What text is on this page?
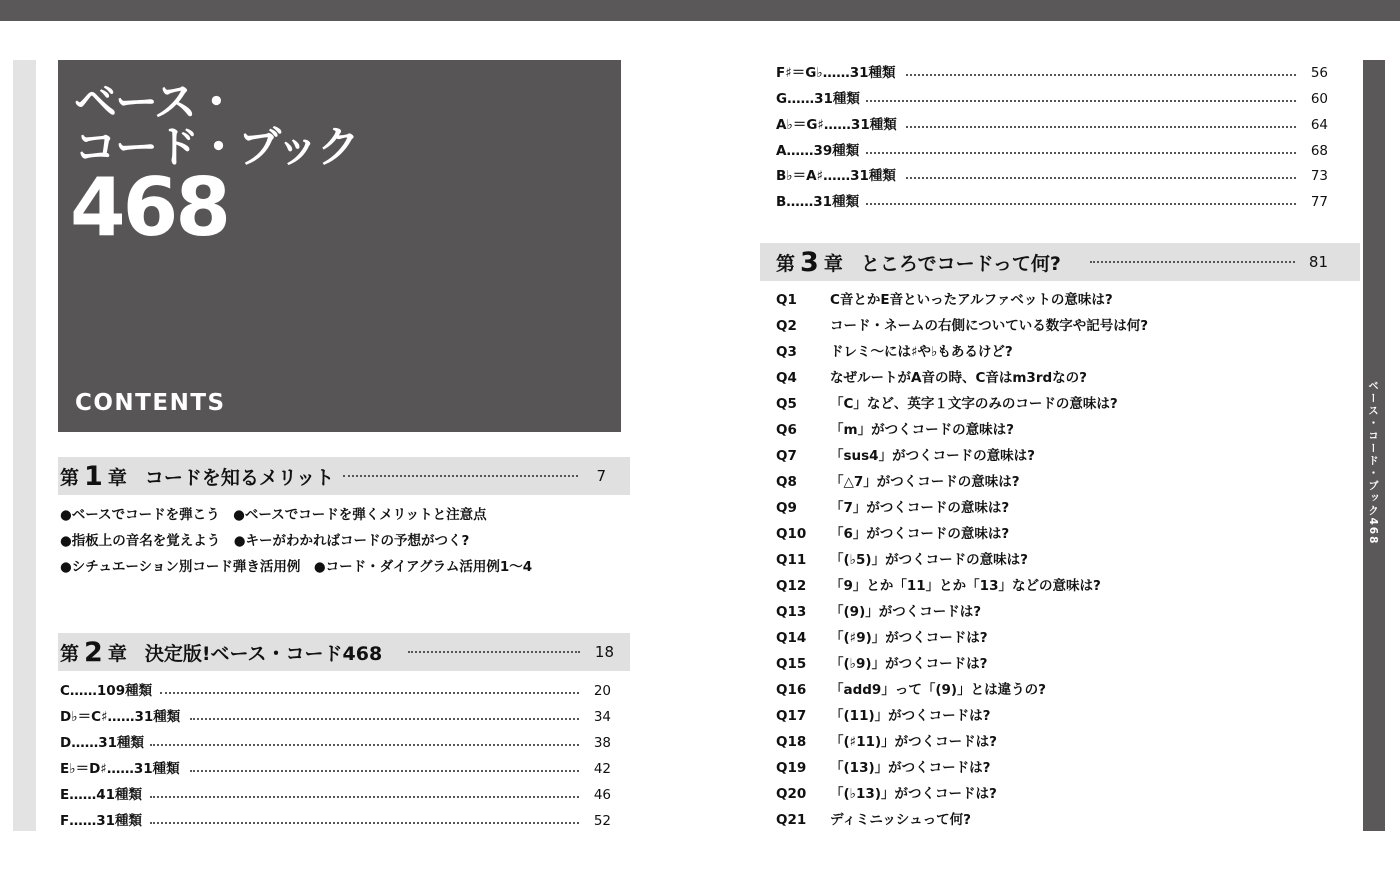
ベース・コード・ブック468
ベース・
コード・ブック
468
CONTENTS
第 1 章 コードを知るメリット	7
●ベースでコードを弾こう　●ベースでコードを弾くメリットと注意点
●指板上の音名を覚えよう　●キーがわかればコードの予想がつく?
●シチュエーション別コード弾き活用例　●コード・ダイアグラム活用例1〜4
第 2 章 決定版!ベース・コード468	18
C……109種類	20
D♭＝C♯……31種類	34
D……31種類	38
E♭＝D♯……31種類	42
E……41種類	46
F……31種類	52
F♯＝G♭……31種類	56
G……31種類	60
A♭＝G♯……31種類	64
A……39種類	68
B♭＝A♯……31種類	73
B……31種類	77
第 3 章 ところでコードって何?	81
Q1 C音とかE音といったアルファベットの意味は?
Q2 コード・ネームの右側についている数字や記号は何?
Q3 ドレミ〜には♯や♭もあるけど?
Q4 なぜルートがA音の時、C音はm3rdなの?
Q5 「C」など、英字１文字のみのコードの意味は?
Q6 「m」がつくコードの意味は?
Q7 「sus4」がつくコードの意味は?
Q8 「△7」がつくコードの意味は?
Q9 「7」がつくコードの意味は?
Q10 「6」がつくコードの意味は?
Q11 「(♭5)」がつくコードの意味は?
Q12 「9」とか「11」とか「13」などの意味は?
Q13 「(9)」がつくコードは?
Q14 「(♯9)」がつくコードは?
Q15 「(♭9)」がつくコードは?
Q16 「add9」って「(9)」とは違うの?
Q17 「(11)」がつくコードは?
Q18 「(♯11)」がつくコードは?
Q19 「(13)」がつくコードは?
Q20 「(♭13)」がつくコードは?
Q21 ディミニッシュって何?
